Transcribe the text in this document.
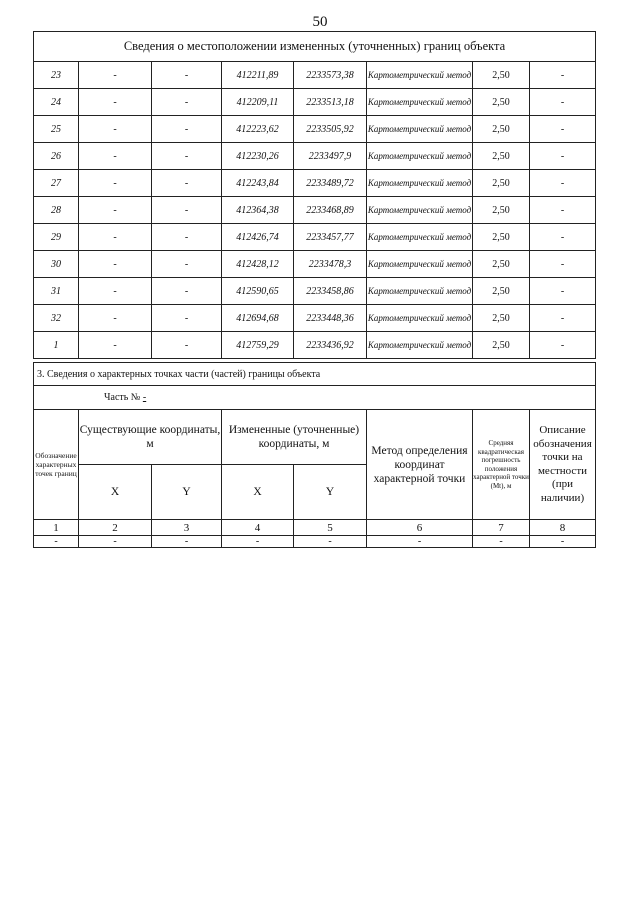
50
Сведения о местоположении измененных (уточненных) границ объекта							
23	-	-	412211,89	2233573,38	Картометрический метод	2,50	-
24	-	-	412209,11	2233513,18	Картометрический метод	2,50	-
25	-	-	412223,62	2233505,92	Картометрический метод	2,50	-
26	-	-	412230,26	2233497,9	Картометрический метод	2,50	-
27	-	-	412243,84	2233489,72	Картометрический метод	2,50	-
28	-	-	412364,38	2233468,89	Картометрический метод	2,50	-
29	-	-	412426,74	2233457,77	Картометрический метод	2,50	-
30	-	-	412428,12	2233478,3	Картометрический метод	2,50	-
31	-	-	412590,65	2233458,86	Картометрический метод	2,50	-
32	-	-	412694,68	2233448,36	Картометрический метод	2,50	-
1	-	-	412759,29	2233436,92	Картометрический метод	2,50	-
3. Сведения о характерных точках части (частей) границы объекта							
Часть № -							
Обозначение характерных точек границ	Существующие координаты, м		Измененные (уточненные) координаты, м		Метод определения координат характерной точки	Средняя квадратическая погрешность положения характерной точки (Mt), м	Описание обозначения точки на местности (при наличии)
	X	Y	X	Y			
1	2	3	4	5	6	7	8
-	-	-	-	-	-	-	-
